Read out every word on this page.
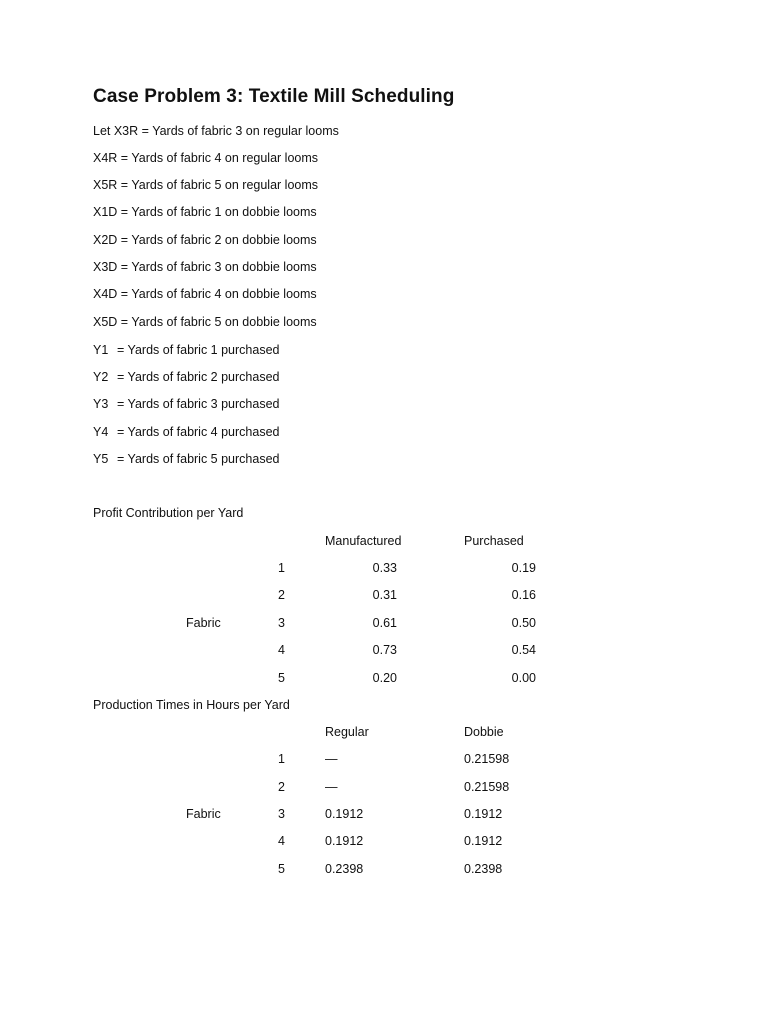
Case Problem 3: Textile Mill Scheduling
Let X3R = Yards of fabric 3 on regular looms
X4R = Yards of fabric 4 on regular looms
X5R = Yards of fabric 5 on regular looms
X1D = Yards of fabric 1 on dobbie looms
X2D = Yards of fabric 2 on dobbie looms
X3D = Yards of fabric 3 on dobbie looms
X4D = Yards of fabric 4 on dobbie looms
X5D = Yards of fabric 5 on dobbie looms
Y1 = Yards of fabric 1 purchased
Y2 = Yards of fabric 2 purchased
Y3 = Yards of fabric 3 purchased
Y4 = Yards of fabric 4 purchased
Y5 = Yards of fabric 5 purchased
Profit Contribution per Yard
Manufactured	Purchased
Fabric
1	0.33	0.19
2	0.31	0.16
3	0.61	0.50
4	0.73	0.54
5	0.20	0.00
Production Times in Hours per Yard
Regular	Dobbie
Fabric
1	—	0.21598
2	—	0.21598
3	0.1912	0.1912
4	0.1912	0.1912
5	0.2398	0.2398
